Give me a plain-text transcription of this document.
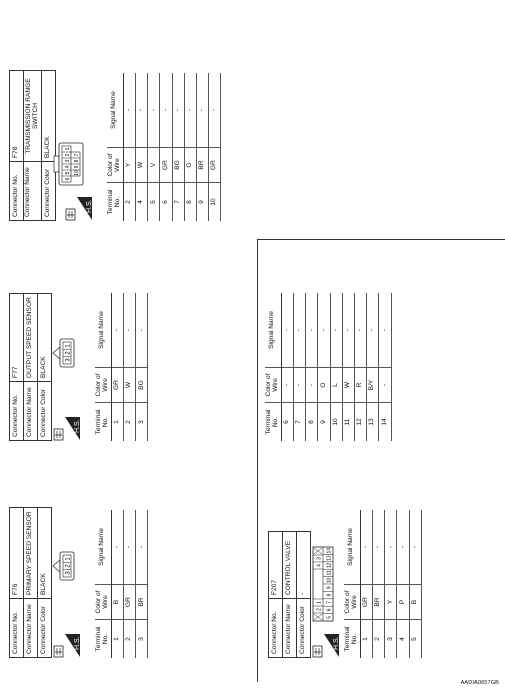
Connector No.	F76
Connector Name	PRIMARY SPEED SENSOR
Connector Color	BLACK
H.S.
3
2
1
Terminal No.	Color of Wire	Signal Name
1	B	-
2	GR	-
3	BR	-
Connector No.	F77
Connector Name	OUTPUT SPEED SENSOR
Connector Color	BLACK
H.S.
3
2
1
Terminal No.	Color of Wire	Signal Name
1	GR	-
2	W	-
3	BG	-
Connector No.	F78
Connector Name	TRANSMISSION RANGE SWITCH
Connector Color	BLACK
H.S.
6
5
4
3
2
1
10
9
8
7
Terminal No.	Color of Wire	Signal Name
2	Y	-
4	W	-
5	V	-
6	GR	-
7	BG	-
8	G	-
9	BR	-
10	GR	-
Connector No.	F207
Connector Name	CONTROL VALVE
Connector Color	-
H.S.
2
1
4
3
5
6
7
8
9
10
11
12
13
14
Terminal No.	Color of Wire	Signal Name
1	GR	-
2	BR	-
3	Y	-
4	P	-
5	B	-
Terminal No.	Color of Wire	Signal Name
6	-	-
7	-	-
8	-	-
9	O	-
10	L	-
11	W	-
12	R	-
13	B/Y	-
14	-	-
AADIA0657GB
